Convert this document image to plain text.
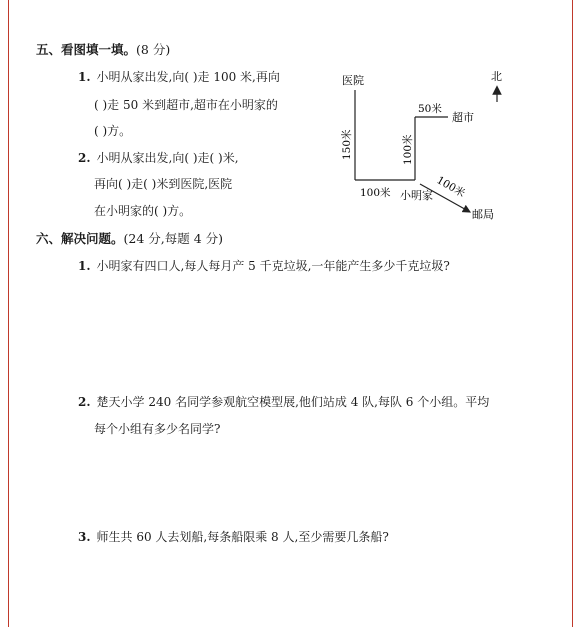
五、看图填一填。(8 分)
1. 小明从家出发,向( )走 100 米,再向
( )走 50 米到超市,超市在小明家的
( )方。
2. 小明从家出发,向( )走( )米,
再向( )走( )米到医院,医院
在小明家的( )方。
医院
超市
小明家
邮局
北
100米
50米
150米	100米
100米
六、解决问题。(24 分,每题 4 分)
1. 小明家有四口人,每人每月产 5 千克垃圾,一年能产生多少千克垃圾?
2. 楚天小学 240 名同学参观航空模型展,他们站成 4 队,每队 6 个小组。平均
每个小组有多少名同学?
3. 师生共 60 人去划船,每条船限乘 8 人,至少需要几条船?
